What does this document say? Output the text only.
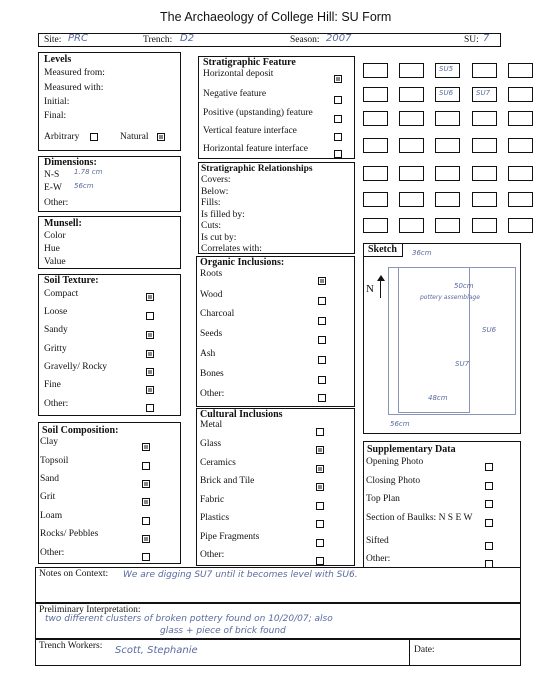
The Archaeology of College Hill: SU Form
Site: PRC	Trench: D2	Season: 2007	SU: 7
Levels
Measured from:
Measured with:
Initial:
Final:
Arbitrary	Natural
Dimensions:
N-S 1.78 cm
E-W 56cm
Other:
Munsell:
Color
Hue
Value
Soil Texture:
Compact
Loose
Sandy
Gritty
Gravelly/ Rocky
Fine
Other:
Soil Composition:
Clay
Topsoil
Sand
Grit
Loam
Rocks/ Pebbles
Other:
Stratigraphic Feature
Horizontal deposit
Negative feature
Positive (upstanding) feature
Vertical feature interface
Horizontal feature interface
Stratigraphic Relationships
Covers:
Below:
Fills:
Is filled by:
Cuts:
Is cut by:
Correlates with:
Organic Inclusions:
Roots
Wood
Charcoal
Seeds
Ash
Bones
Other:
Cultural Inclusions
Metal
Glass
Ceramics
Brick and Tile
Fabric
Plastics
Pipe Fragments
Other:
SU5
SU6	SU7
Sketch
N
36cm
50cm
pottery assemblage
SU6
SU7
48cm
56cm
Supplementary Data
Opening Photo
Closing Photo
Top Plan
Section of Baulks: N S E W
Sifted
Other:
Notes on Context: We are digging SU7 until it becomes level with SU6.
Preliminary Interpretation:
two different clusters of broken pottery found on 10/20/07; also
glass + piece of brick found
Trench Workers: Scott, Stephanie	Date:
